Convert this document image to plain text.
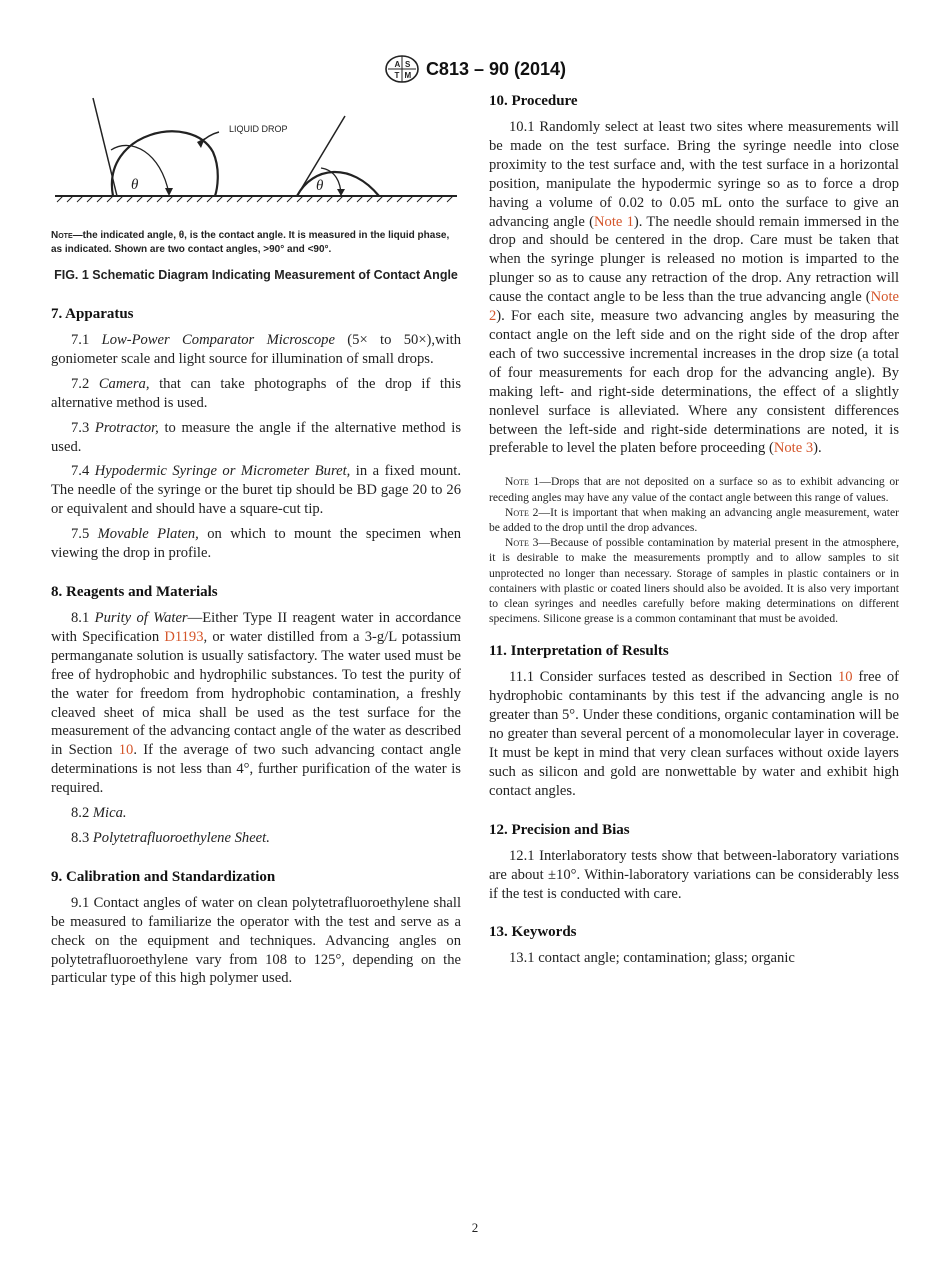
A S
T M C813 – 90 (2014)
θ
LIQUID DROP
θ

Note—the indicated angle, θ, is the contact angle. It is measured in the liquid phase, as indicated. Shown are two contact angles, >90° and <90°.

FIG. 1 Schematic Diagram Indicating Measurement of Contact Angle

7. Apparatus

7.1 Low-Power Comparator Microscope (5× to 50×),with goniometer scale and light source for illumination of small drops.

7.2 Camera, that can take photographs of the drop if this alternative method is used.

7.3 Protractor, to measure the angle if the alternative method is used.

7.4 Hypodermic Syringe or Micrometer Buret, in a fixed mount. The needle of the syringe or the buret tip should be BD gage 20 to 26 or equivalent and should have a square-cut tip.

7.5 Movable Platen, on which to mount the specimen when viewing the drop in profile.

8. Reagents and Materials

8.1 Purity of Water—Either Type II reagent water in accordance with Specification D1193, or water distilled from a 3-g/L potassium permanganate solution is usually satisfactory. The water used must be free of hydrophobic and hydrophilic substances. To test the purity of the water for freedom from hydrophobic contamination, a freshly cleaved sheet of mica shall be used as the test surface for the measurement of the advancing contact angle of the water as described in Section 10. If the average of two such advancing contact angle determinations is not less than 4°, further purification of the water is required.

8.2 Mica.

8.3 Polytetrafluoroethylene Sheet.

9. Calibration and Standardization

9.1 Contact angles of water on clean polytetrafluoroethylene shall be measured to familiarize the operator with the test and serve as a check on the equipment and techniques. Advancing angles on polytetrafluoroethylene vary from 108 to 125°, depending on the particular type of this high polymer used.

10. Procedure

10.1 Randomly select at least two sites where measurements will be made on the test surface. Bring the syringe needle into close proximity to the test surface and, with the test surface in a horizontal position, manipulate the hypodermic syringe so as to force a drop having a volume of 0.02 to 0.05 mL onto the surface to give an advancing angle (Note 1). The needle should remain immersed in the drop and should be centered in the drop. Care must be taken that when the syringe plunger is released no motion is imparted to the plunger so as to cause any retraction of the drop. Any retraction will cause the contact angle to be less than the true advancing angle (Note 2). For each site, measure two advancing angles by measuring the contact angle on the left side and on the right side of the drop after each of two successive incremental increases in the drop size (a total of four measurements for each drop for the advancing angle). By making left- and right-side determinations, the effect of a slightly nonlevel surface is alleviated. Where any consistent differences between the left-side and right-side determinations are noted, it is preferable to level the platen before proceeding (Note 3).

Note 1—Drops that are not deposited on a surface so as to exhibit advancing or receding angles may have any value of the contact angle between this range of values.

Note 2—It is important that when making an advancing angle measurement, water be added to the drop until the drop advances.

Note 3—Because of possible contamination by material present in the atmosphere, it is desirable to make the measurements promptly and to allow samples to sit unprotected no longer than necessary. Storage of samples in plastic containers or in containers with plastic or coated liners should also be avoided. It is also very important to clean syringes and needles carefully before making determinations on different specimens. Silicone grease is a common contaminant that must be avoided.

11. Interpretation of Results

11.1 Consider surfaces tested as described in Section 10 free of hydrophobic contaminants by this test if the advancing angle is no greater than 5°. Under these conditions, organic contamination will be no greater than several percent of a monomolecular layer in coverage. It must be kept in mind that very clean surfaces without oxide layers such as silicon and gold are nonwettable by water and exhibit high contact angles.

12. Precision and Bias

12.1 Interlaboratory tests show that between-laboratory variations are about ±10°. Within-laboratory variations can be considerably less if the test is conducted with care.

13. Keywords

13.1 contact angle; contamination; glass; organic

2
